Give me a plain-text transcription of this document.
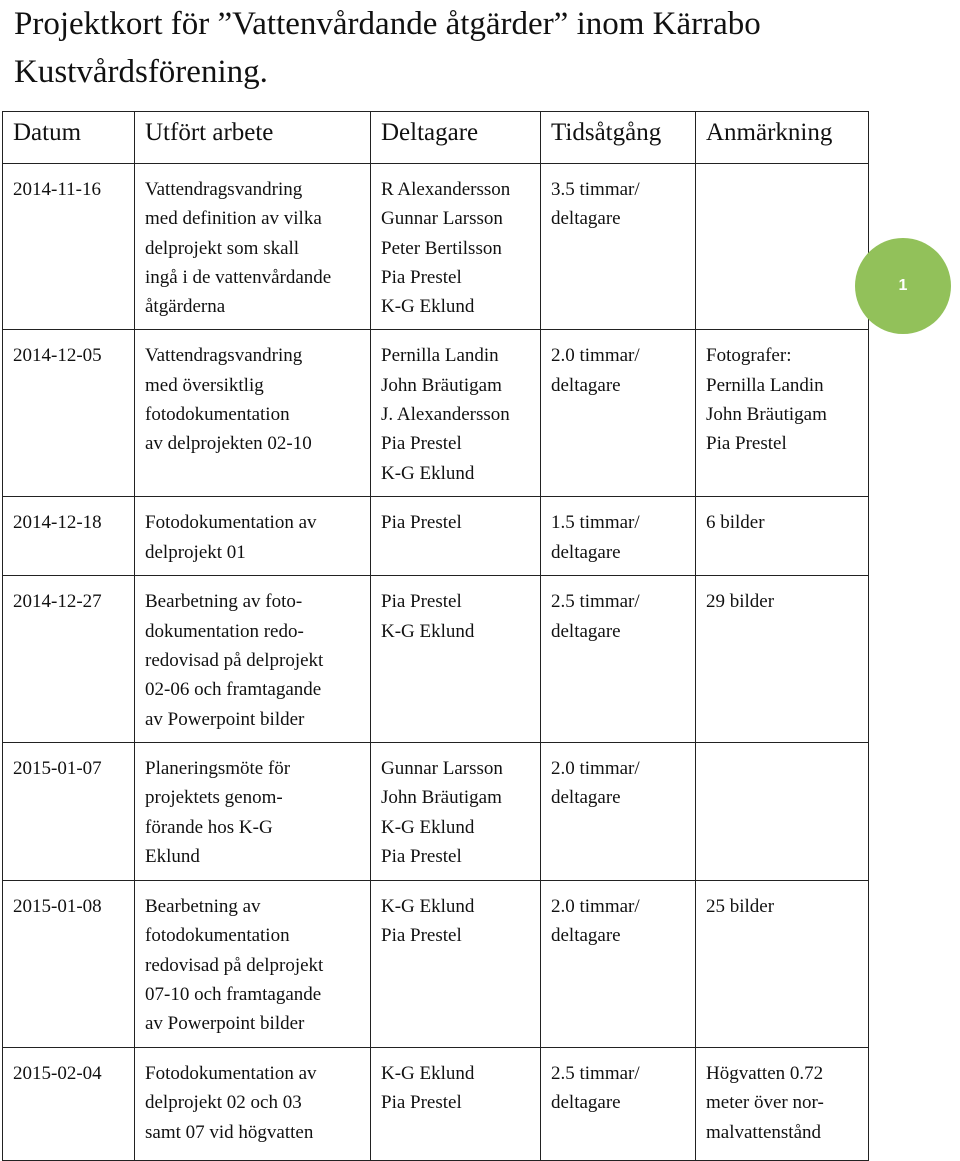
Projektkort för ”Vattenvårdande åtgärder” inom Kärrabo
Kustvårdsförening.
Datum	Utfört arbete	Deltagare	Tidsåtgång	Anmärkning

2014-11-16	Vattendragsvandring
med definition av vilka
delprojekt som skall
ingå i de vattenvårdande
åtgärderna	R Alexandersson
Gunnar Larsson
Peter Bertilsson
Pia Prestel
K-G Eklund	3.5 timmar/
deltagare	

2014-12-05	Vattendragsvandring
med översiktlig
fotodokumentation
av delprojekten 02-10	Pernilla Landin
John Bräutigam
J. Alexandersson
Pia Prestel
K-G Eklund	2.0 timmar/
deltagare	Fotografer:
Pernilla Landin
John Bräutigam
Pia Prestel

2014-12-18	Fotodokumentation av
delprojekt 01	Pia Prestel	1.5 timmar/
deltagare	6 bilder

2014-12-27	Bearbetning av foto-
dokumentation redo-
redovisad på delprojekt
02-06 och framtagande
av Powerpoint bilder	Pia Prestel
K-G Eklund	2.5 timmar/
deltagare	29 bilder

2015-01-07	Planeringsmöte för
projektets genom-
förande hos K-G
Eklund	Gunnar Larsson
John Bräutigam
K-G Eklund
Pia Prestel	2.0 timmar/
deltagare	

2015-01-08	Bearbetning av
fotodokumentation
redovisad på delprojekt
07-10 och framtagande
av Powerpoint bilder	K-G Eklund
Pia Prestel	2.0 timmar/
deltagare	25 bilder

2015-02-04	Fotodokumentation av
delprojekt 02 och 03
samt 07 vid högvatten	K-G Eklund
Pia Prestel	2.5 timmar/
deltagare	Högvatten 0.72
meter över nor-
malvattenstånd
1
